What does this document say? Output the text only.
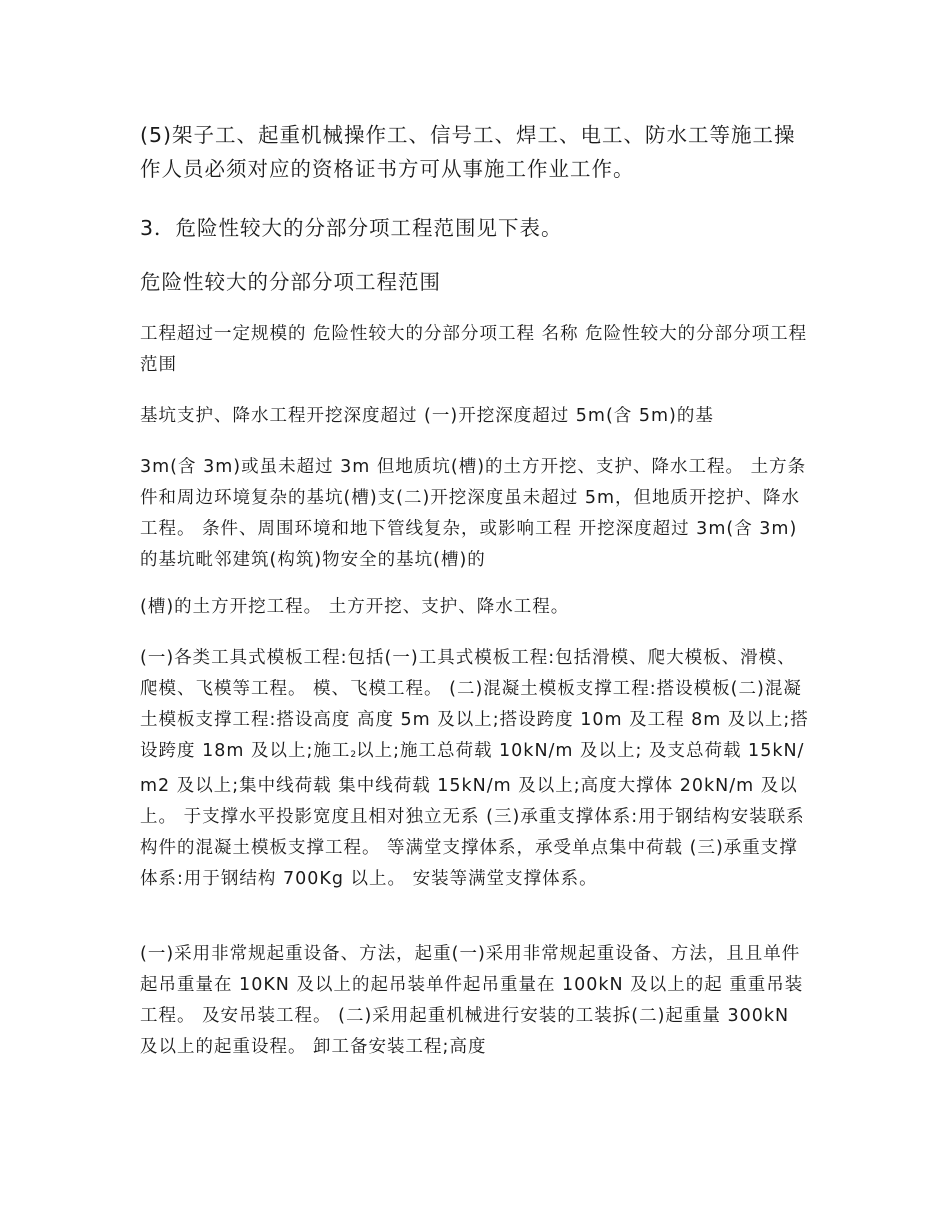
(5)架子工、起重机械操作工、信号工、焊工、电工、防水工等施工操作人员必须对应的资格证书方可从事施工作业工作。

3．危险性较大的分部分项工程范围见下表。

危险性较大的分部分项工程范围

工程超过一定规模的 危险性较大的分部分项工程 名称 危险性较大的分部分项工程范围

基坑支护、降水工程开挖深度超过 (一)开挖深度超过 5m(含 5m)的基

3m(含 3m)或虽未超过 3m 但地质坑(槽)的土方开挖、支护、降水工程。 土方条件和周边环境复杂的基坑(槽)支(二)开挖深度虽未超过 5m，但地质开挖护、降水工程。 条件、周围环境和地下管线复杂，或影响工程 开挖深度超过 3m(含 3m)的基坑毗邻建筑(构筑)物安全的基坑(槽)的

(槽)的土方开挖工程。 土方开挖、支护、降水工程。

(一)各类工具式模板工程:包括(一)工具式模板工程:包括滑模、爬大模板、滑模、爬模、飞模等工程。 模、飞模工程。 (二)混凝土模板支撑工程:搭设模板(二)混凝土模板支撑工程:搭设高度 高度 5m 及以上;搭设跨度 10m 及工程 8m 及以上;搭设跨度 18m 及以上;施工2以上;施工总荷载 10kN/m 及以上; 及支总荷载 15kN/m2 及以上;集中线荷载 集中线荷载 15kN/m 及以上;高度大撑体 20kN/m 及以上。 于支撑水平投影宽度且相对独立无系 (三)承重支撑体系:用于钢结构安装联系构件的混凝土模板支撑工程。 等满堂支撑体系，承受单点集中荷载 (三)承重支撑体系:用于钢结构 700Kg 以上。 安装等满堂支撑体系。

(一)采用非常规起重设备、方法，起重(一)采用非常规起重设备、方法，且且单件起吊重量在 10KN 及以上的起吊装单件起吊重量在 100kN 及以上的起 重重吊装工程。 及安吊装工程。 (二)采用起重机械进行安装的工装拆(二)起重量 300kN 及以上的起重设程。 卸工备安装工程;高度
